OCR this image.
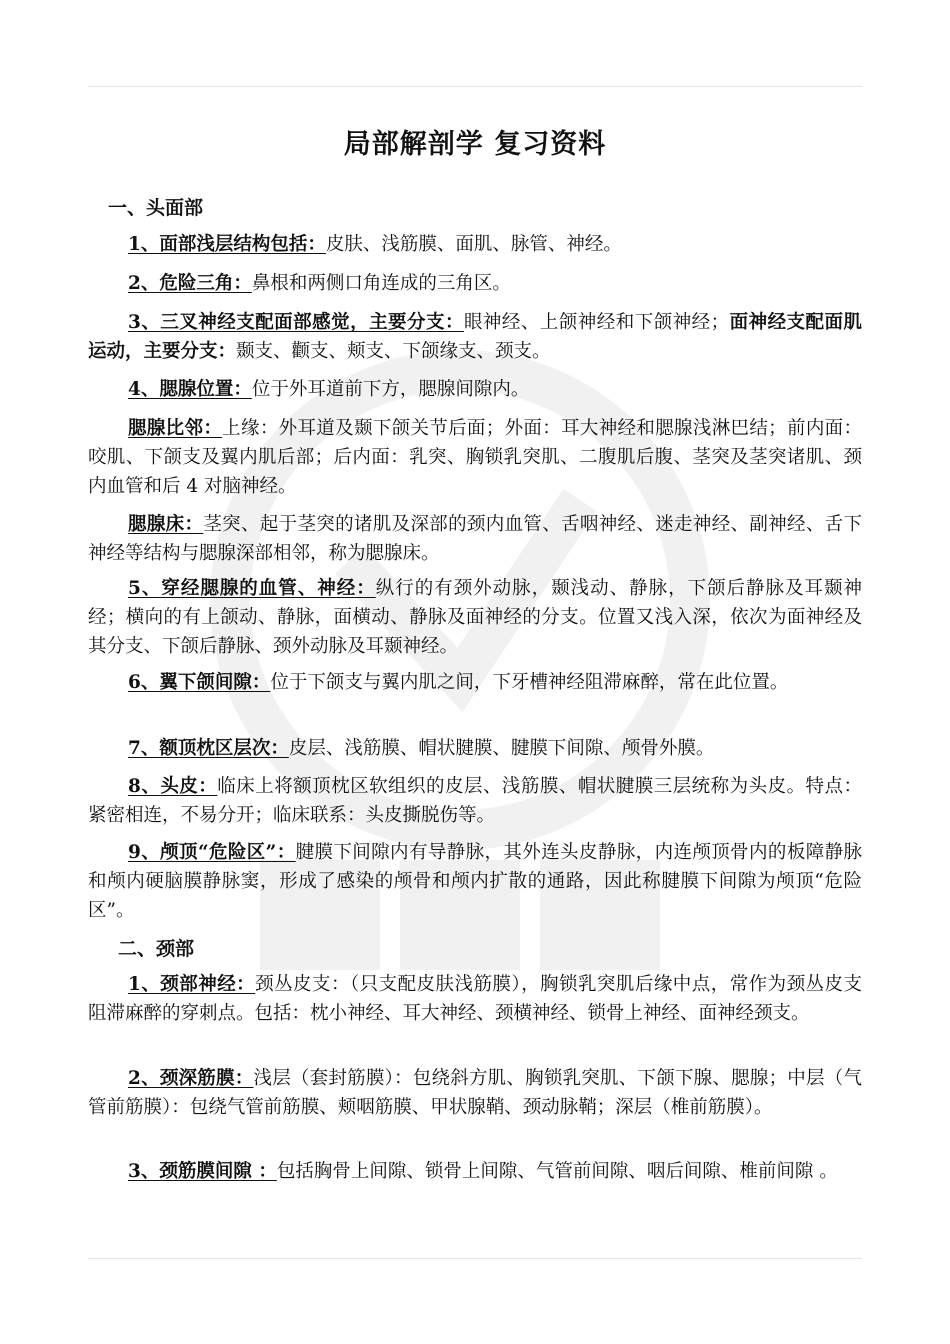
局部解剖学 复习资料
一、头面部
1、面部浅层结构包括：皮肤、浅筋膜、面肌、脉管、神经。
2、危险三角：鼻根和两侧口角连成的三角区。
3、三叉神经支配面部感觉，主要分支：眼神经、上颌神经和下颌神经；面神经支配面肌运动，主要分支：颞支、颧支、颊支、下颌缘支、颈支。
4、腮腺位置：位于外耳道前下方，腮腺间隙内。
腮腺比邻：上缘：外耳道及颞下颌关节后面；外面：耳大神经和腮腺浅淋巴结；前内面：咬肌、下颌支及翼内肌后部；后内面：乳突、胸锁乳突肌、二腹肌后腹、茎突及茎突诸肌、颈内血管和后 4 对脑神经。
腮腺床：茎突、起于茎突的诸肌及深部的颈内血管、舌咽神经、迷走神经、副神经、舌下神经等结构与腮腺深部相邻，称为腮腺床。
5、穿经腮腺的血管、神经：纵行的有颈外动脉，颞浅动、静脉，下颌后静脉及耳颞神经；横向的有上颌动、静脉，面横动、静脉及面神经的分支。位置又浅入深，依次为面神经及其分支、下颌后静脉、颈外动脉及耳颞神经。
6、翼下颌间隙：位于下颌支与翼内肌之间，下牙槽神经阻滞麻醉，常在此位置。
7、额顶枕区层次：皮层、浅筋膜、帽状腱膜、腱膜下间隙、颅骨外膜。
8、头皮：临床上将额顶枕区软组织的皮层、浅筋膜、帽状腱膜三层统称为头皮。特点：紧密相连，不易分开；临床联系：头皮撕脱伤等。
9、颅顶“危险区”：腱膜下间隙内有导静脉，其外连头皮静脉，内连颅顶骨内的板障静脉和颅内硬脑膜静脉窦，形成了感染的颅骨和颅内扩散的通路，因此称腱膜下间隙为颅顶“危险区”。
二、颈部
1、颈部神经：颈丛皮支：（只支配皮肤浅筋膜），胸锁乳突肌后缘中点，常作为颈丛皮支阻滞麻醉的穿刺点。包括：枕小神经、耳大神经、颈横神经、锁骨上神经、面神经颈支。
2、颈深筋膜：浅层（套封筋膜）：包绕斜方肌、胸锁乳突肌、下颌下腺、腮腺；中层（气管前筋膜）：包绕气管前筋膜、颊咽筋膜、甲状腺鞘、颈动脉鞘；深层（椎前筋膜）。
3、颈筋膜间隙 ：包括胸骨上间隙、锁骨上间隙、气管前间隙、咽后间隙、椎前间隙 。
